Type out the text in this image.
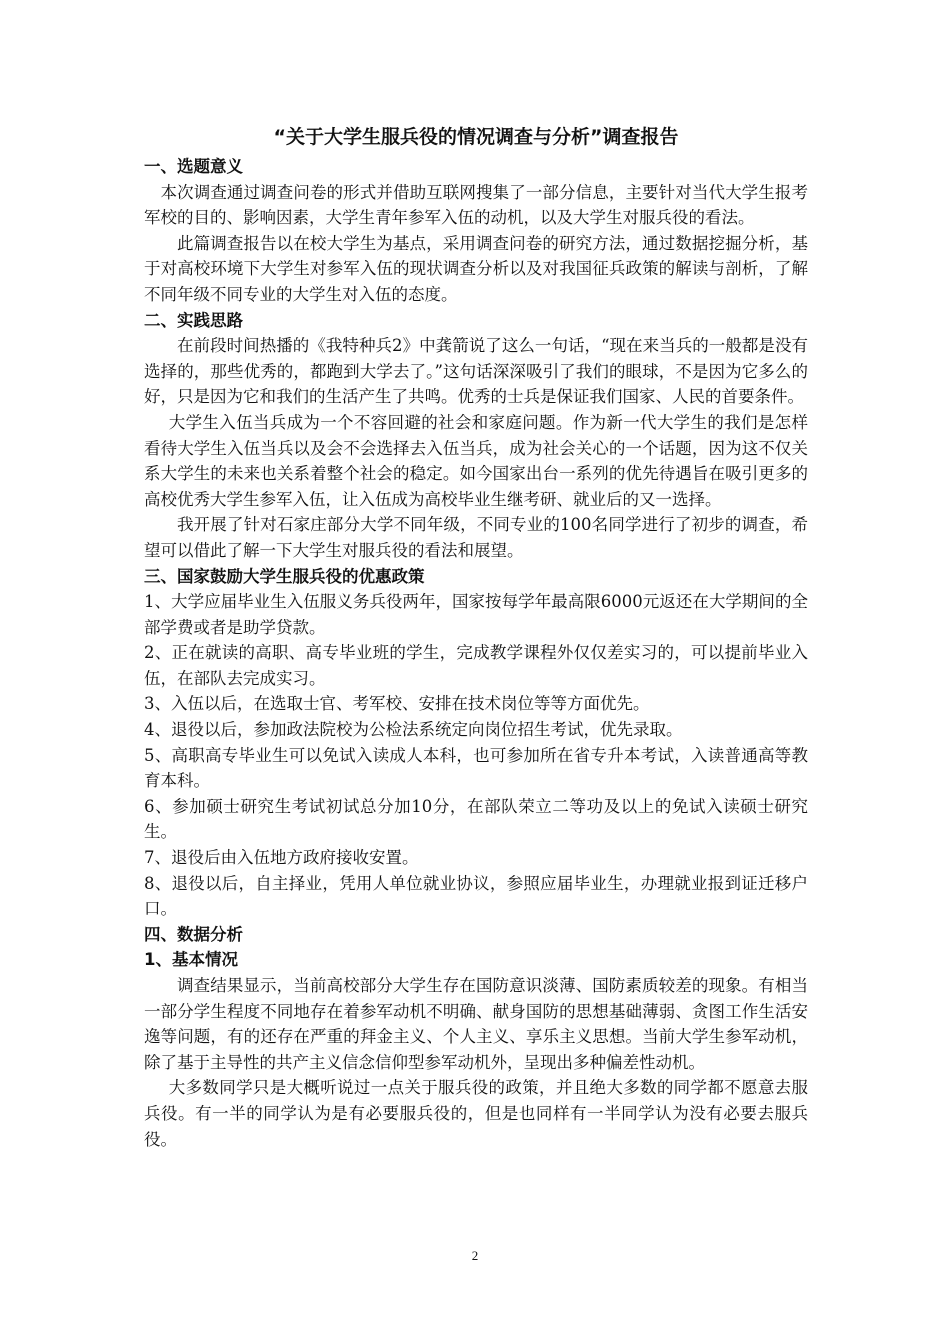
“关于大学生服兵役的情况调查与分析”调查报告
一、选题意义

本次调查通过调查问卷的形式并借助互联网搜集了一部分信息，主要针对当代大学生报考军校的目的、影响因素，大学生青年参军入伍的动机，以及大学生对服兵役的看法。

此篇调查报告以在校大学生为基点，采用调查问卷的研究方法，通过数据挖掘分析，基于对高校环境下大学生对参军入伍的现状调查分析以及对我国征兵政策的解读与剖析，了解不同年级不同专业的大学生对入伍的态度。

二、实践思路

在前段时间热播的《我特种兵2》中龚箭说了这么一句话，“现在来当兵的一般都是没有选择的，那些优秀的，都跑到大学去了。”这句话深深吸引了我们的眼球，不是因为它多么的好，只是因为它和我们的生活产生了共鸣。优秀的士兵是保证我们国家、人民的首要条件。

大学生入伍当兵成为一个不容回避的社会和家庭问题。作为新一代大学生的我们是怎样看待大学生入伍当兵以及会不会选择去入伍当兵，成为社会关心的一个话题，因为这不仅关系大学生的未来也关系着整个社会的稳定。如今国家出台一系列的优先待遇旨在吸引更多的高校优秀大学生参军入伍，让入伍成为高校毕业生继考研、就业后的又一选择。

我开展了针对石家庄部分大学不同年级，不同专业的100名同学进行了初步的调查，希望可以借此了解一下大学生对服兵役的看法和展望。

三、国家鼓励大学生服兵役的优惠政策

1、大学应届毕业生入伍服义务兵役两年，国家按每学年最高限6000元返还在大学期间的全部学费或者是助学贷款。

2、正在就读的高职、高专毕业班的学生，完成教学课程外仅仅差实习的，可以提前毕业入伍，在部队去完成实习。

3、入伍以后，在选取士官、考军校、安排在技术岗位等等方面优先。

4、退役以后，参加政法院校为公检法系统定向岗位招生考试，优先录取。

5、高职高专毕业生可以免试入读成人本科，也可参加所在省专升本考试，入读普通高等教育本科。

6、参加硕士研究生考试初试总分加10分，在部队荣立二等功及以上的免试入读硕士研究生。

7、退役后由入伍地方政府接收安置。

8、退役以后，自主择业，凭用人单位就业协议，参照应届毕业生，办理就业报到证迁移户口。

四、数据分析
1、基本情况

调查结果显示，当前高校部分大学生存在国防意识淡薄、国防素质较差的现象。有相当一部分学生程度不同地存在着参军动机不明确、献身国防的思想基础薄弱、贪图工作生活安逸等问题，有的还存在严重的拜金主义、个人主义、享乐主义思想。当前大学生参军动机，除了基于主导性的共产主义信念信仰型参军动机外，呈现出多种偏差性动机。

大多数同学只是大概听说过一点关于服兵役的政策，并且绝大多数的同学都不愿意去服兵役。有一半的同学认为是有必要服兵役的，但是也同样有一半同学认为没有必要去服兵役。

2
